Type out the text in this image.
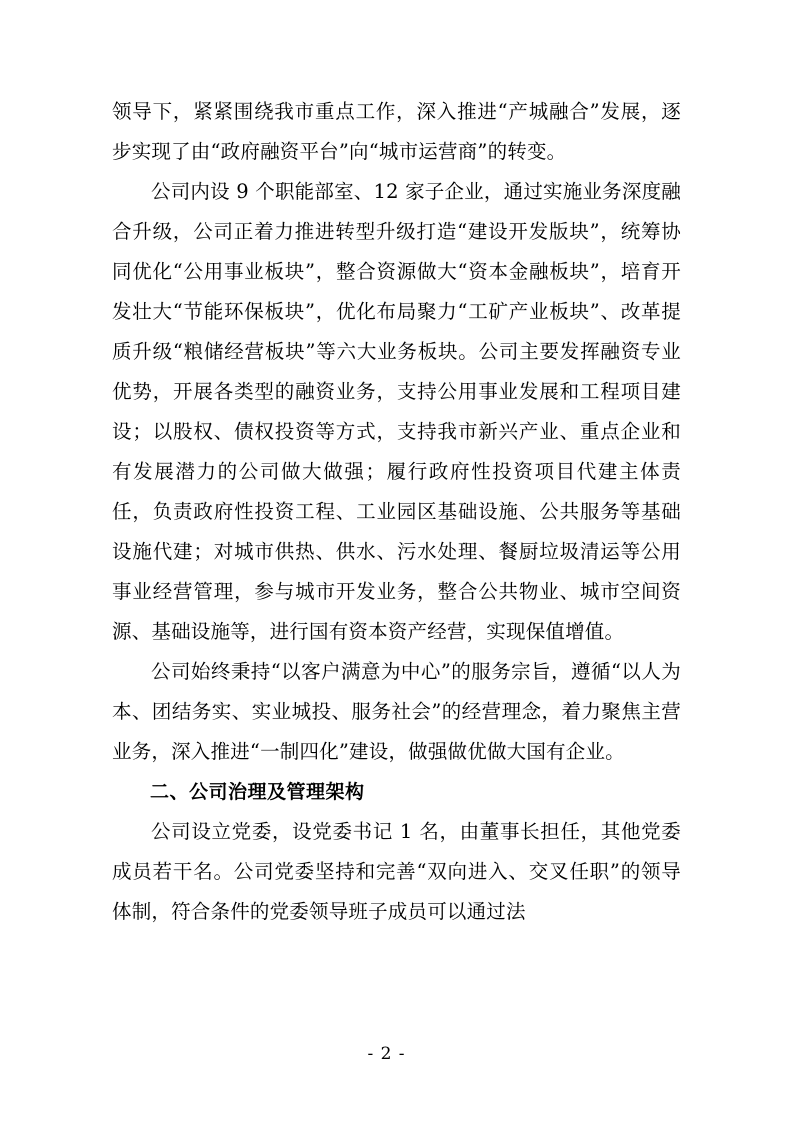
领导下，紧紧围绕我市重点工作，深入推进“产城融合”发展，逐步实现了由“政府融资平台”向“城市运营商”的转变。

公司内设 9 个职能部室、12 家子企业，通过实施业务深度融合升级，公司正着力推进转型升级打造“建设开发版块”，统筹协同优化“公用事业板块”，整合资源做大“资本金融板块”，培育开发壮大“节能环保板块”，优化布局聚力“工矿产业板块”、改革提质升级“粮储经营板块”等六大业务板块。公司主要发挥融资专业优势，开展各类型的融资业务，支持公用事业发展和工程项目建设；以股权、债权投资等方式，支持我市新兴产业、重点企业和有发展潜力的公司做大做强；履行政府性投资项目代建主体责任，负责政府性投资工程、工业园区基础设施、公共服务等基础设施代建；对城市供热、供水、污水处理、餐厨垃圾清运等公用事业经营管理，参与城市开发业务，整合公共物业、城市空间资源、基础设施等，进行国有资本资产经营，实现保值增值。

公司始终秉持“以客户满意为中心”的服务宗旨，遵循“以人为本、团结务实、实业城投、服务社会”的经营理念，着力聚焦主营业务，深入推进“一制四化”建设，做强做优做大国有企业。

二、公司治理及管理架构

公司设立党委，设党委书记 1 名，由董事长担任，其他党委成员若干名。公司党委坚持和完善“双向进入、交叉任职”的领导体制，符合条件的党委领导班子成员可以通过法

- 2 -
